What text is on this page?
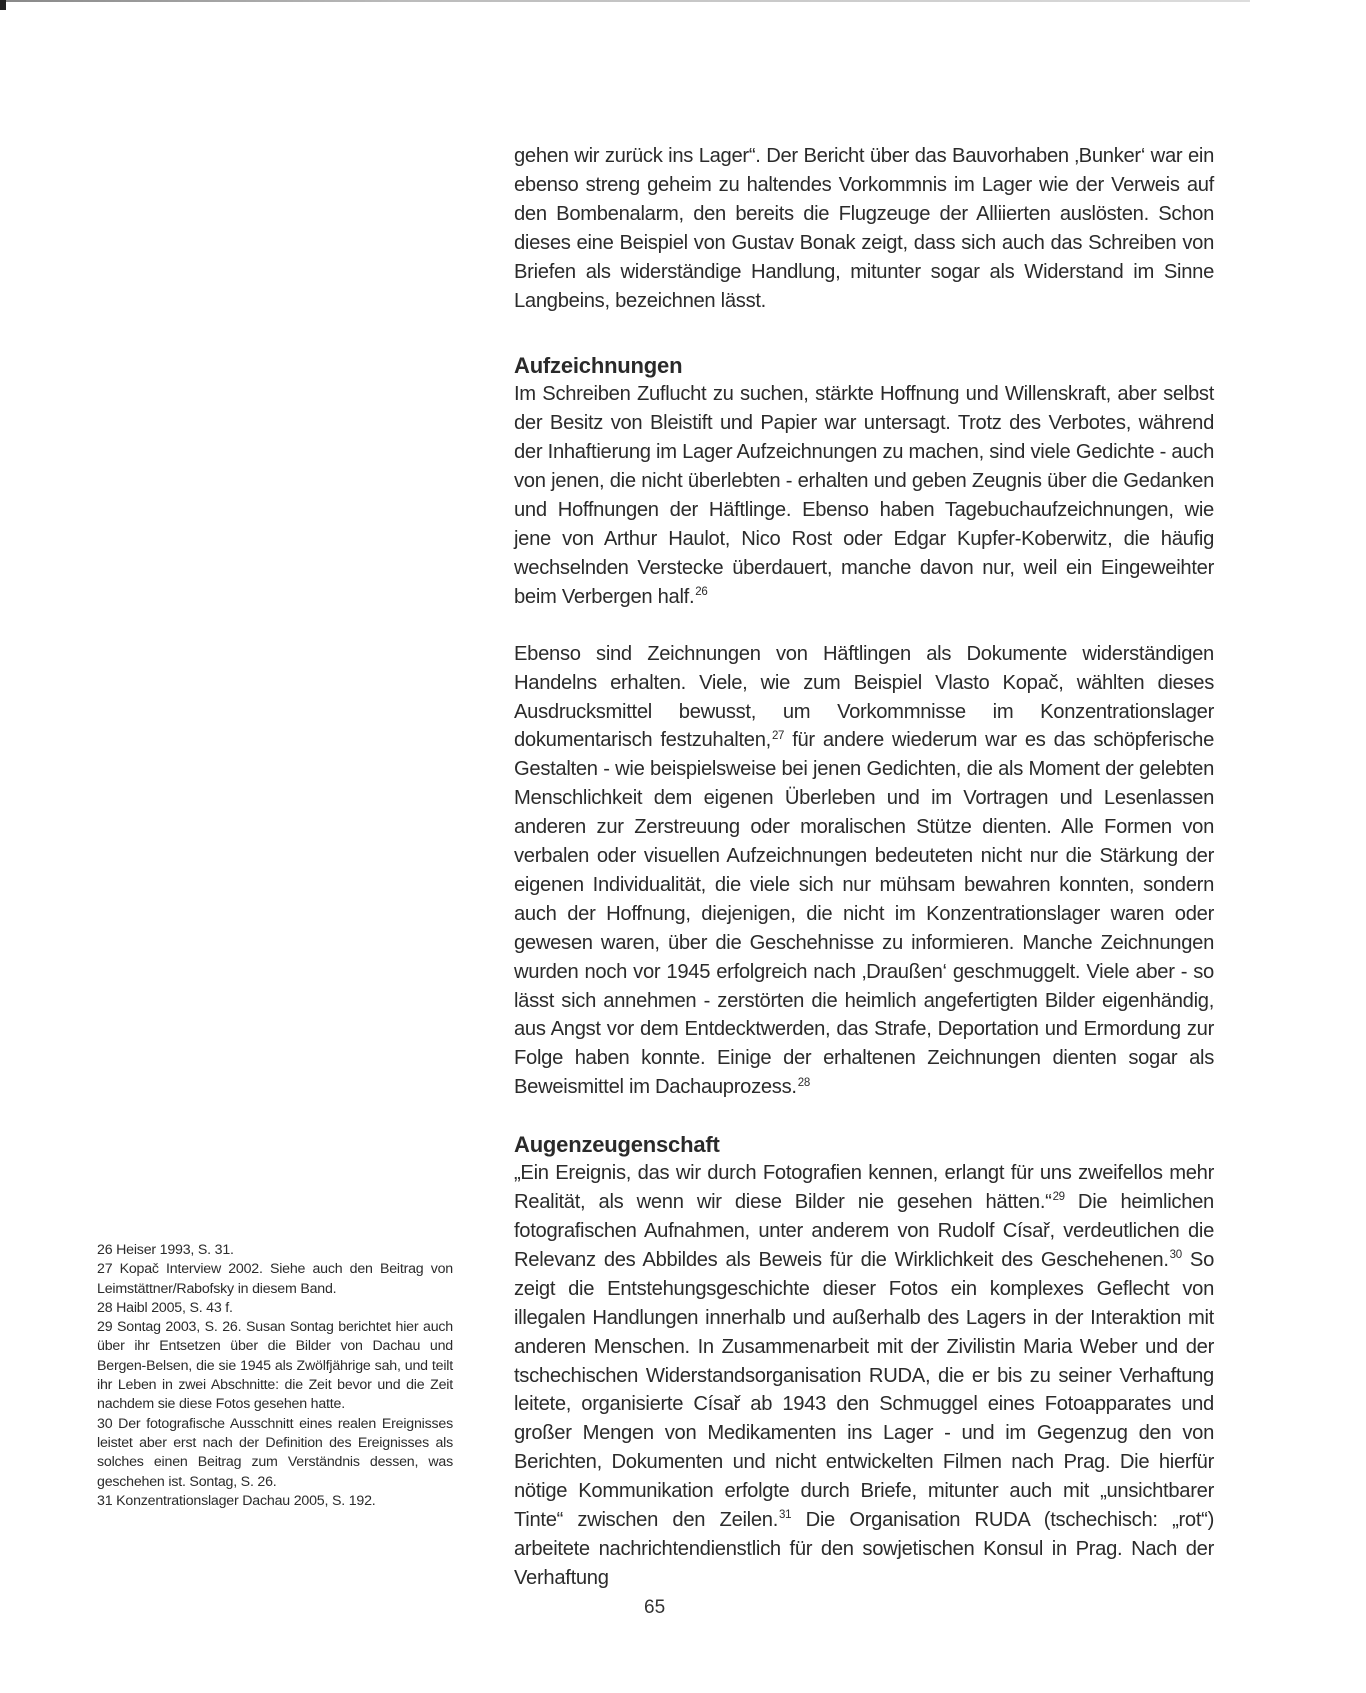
gehen wir zurück ins Lager“. Der Bericht über das Bauvorhaben ‚Bunker‘ war ein ebenso streng geheim zu haltendes Vorkommnis im Lager wie der Verweis auf den Bombenalarm, den bereits die Flugzeuge der Alliierten auslösten. Schon dieses eine Beispiel von Gustav Bonak zeigt, dass sich auch das Schreiben von Briefen als widerständige Handlung, mitunter sogar als Widerstand im Sinne Langbeins, bezeichnen lässt.

Aufzeichnungen

Im Schreiben Zuflucht zu suchen, stärkte Hoffnung und Willenskraft, aber selbst der Besitz von Bleistift und Papier war untersagt. Trotz des Verbotes, während der Inhaftierung im Lager Aufzeichnungen zu machen, sind viele Gedichte - auch von jenen, die nicht überlebten - erhalten und geben Zeugnis über die Gedanken und Hoffnungen der Häftlinge. Ebenso haben Tagebuchaufzeichnungen, wie jene von Arthur Haulot, Nico Rost oder Edgar Kupfer-Koberwitz, die häufig wechselnden Verstecke überdauert, manche davon nur, weil ein Eingeweihter beim Verbergen half.$^{26}$

Ebenso sind Zeichnungen von Häftlingen als Dokumente widerständigen Handelns erhalten. Viele, wie zum Beispiel Vlasto Kopač, wählten dieses Ausdrucksmittel bewusst, um Vorkommnisse im Konzentrationslager dokumentarisch festzuhalten,$^{27}$ für andere wiederum war es das schöpferische Gestalten - wie beispielsweise bei jenen Gedichten, die als Moment der gelebten Menschlichkeit dem eigenen Überleben und im Vortragen und Lesenlassen anderen zur Zerstreuung oder moralischen Stütze dienten. Alle Formen von verbalen oder visuellen Aufzeichnungen bedeuteten nicht nur die Stärkung der eigenen Individualität, die viele sich nur mühsam bewahren konnten, sondern auch der Hoffnung, diejenigen, die nicht im Konzentrationslager waren oder gewesen waren, über die Geschehnisse zu informieren. Manche Zeichnungen wurden noch vor 1945 erfolgreich nach ‚Draußen‘ geschmuggelt. Viele aber - so lässt sich annehmen - zerstörten die heimlich angefertigten Bilder eigenhändig, aus Angst vor dem Entdecktwerden, das Strafe, Deportation und Ermordung zur Folge haben konnte. Einige der erhaltenen Zeichnungen dienten sogar als Beweismittel im Dachauprozess.$^{28}$

Augenzeugenschaft

„Ein Ereignis, das wir durch Fotografien kennen, erlangt für uns zweifellos mehr Realität, als wenn wir diese Bilder nie gesehen hätten.“$^{29}$ Die heimlichen fotografischen Aufnahmen, unter anderem von Rudolf Císař, verdeutlichen die Relevanz des Abbildes als Beweis für die Wirklichkeit des Geschehenen.$^{30}$ So zeigt die Entstehungsgeschichte dieser Fotos ein komplexes Geflecht von illegalen Handlungen innerhalb und außerhalb des Lagers in der Interaktion mit anderen Menschen. In Zusammenarbeit mit der Zivilistin Maria Weber und der tschechischen Widerstandsorganisation RUDA, die er bis zu seiner Verhaftung leitete, organisierte Císař ab 1943 den Schmuggel eines Fotoapparates und großer Mengen von Medikamenten ins Lager - und im Gegenzug den von Berichten, Dokumenten und nicht entwickelten Filmen nach Prag. Die hierfür nötige Kommunikation erfolgte durch Briefe, mitunter auch mit „unsichtbarer Tinte“ zwischen den Zeilen.$^{31}$ Die Organisation RUDA (tschechisch: „rot“) arbeitete nachrichtendienstlich für den sowjetischen Konsul in Prag. Nach der Verhaftung

26 Heiser 1993, S. 31.

27 Kopač Interview 2002. Siehe auch den Beitrag von Leimstättner/Rabofsky in diesem Band.

28 Haibl 2005, S. 43 f.

29 Sontag 2003, S. 26. Susan Sontag berichtet hier auch über ihr Entsetzen über die Bilder von Dachau und Bergen-Belsen, die sie 1945 als Zwölfjährige sah, und teilt ihr Leben in zwei Abschnitte: die Zeit bevor und die Zeit nachdem sie diese Fotos gesehen hatte.

30 Der fotografische Ausschnitt eines realen Ereignisses leistet aber erst nach der Definition des Ereignisses als solches einen Beitrag zum Verständnis dessen, was geschehen ist. Sontag, S. 26.

31 Konzentrationslager Dachau 2005, S. 192.

65
